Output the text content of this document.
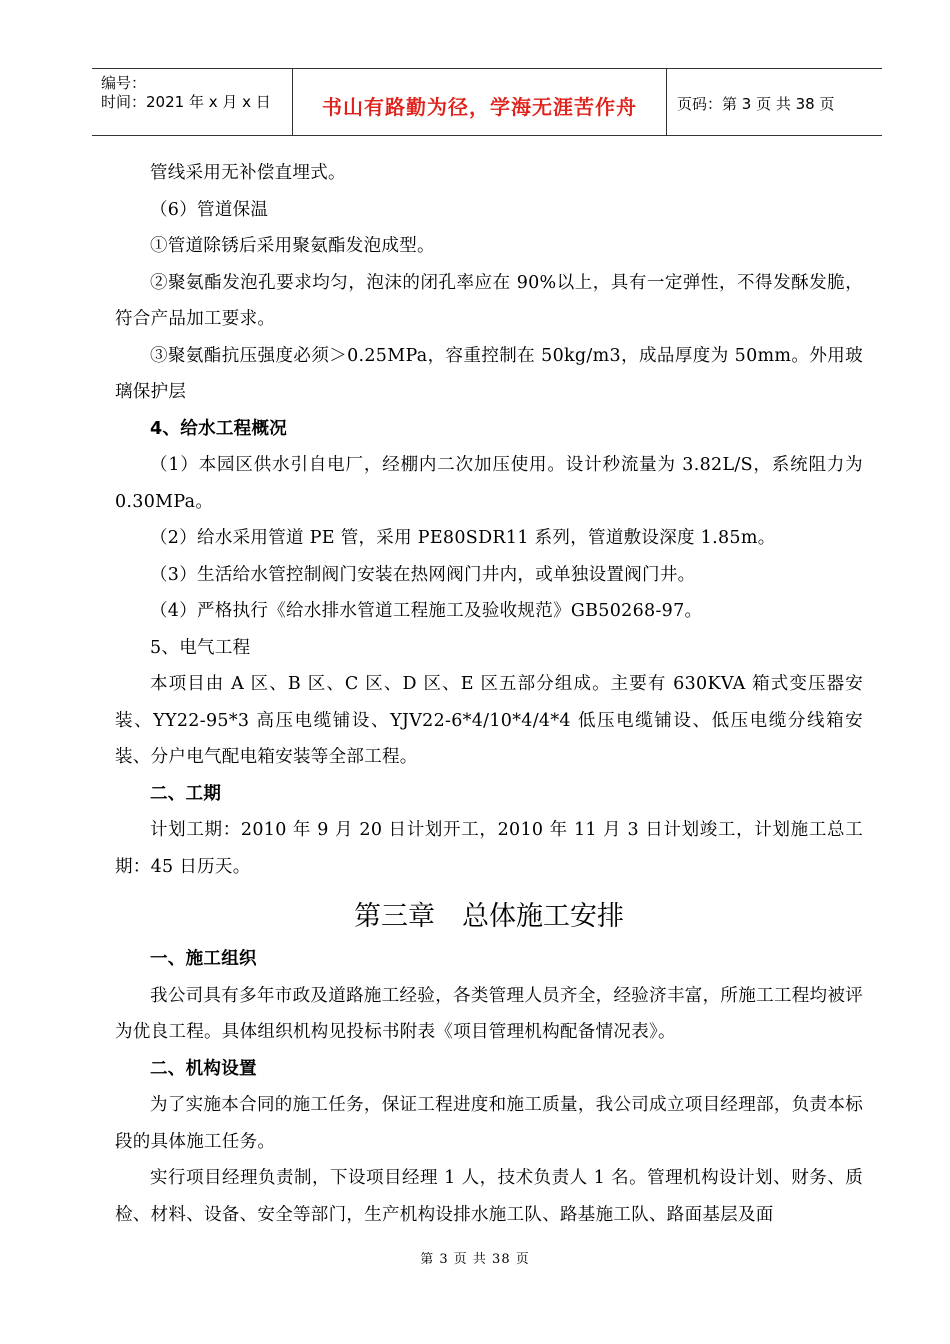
编号：
时间：2021 年 x 月 x 日	书山有路勤为径，学海无涯苦作舟	页码：第 3 页 共 38 页

管线采用无补偿直埋式。

（6）管道保温

①管道除锈后采用聚氨酯发泡成型。

②聚氨酯发泡孔要求均匀，泡沫的闭孔率应在 90%以上，具有一定弹性，不得发酥发脆，符合产品加工要求。

③聚氨酯抗压强度必须＞0.25MPa，容重控制在 50kg/m3，成品厚度为 50mm。外用玻璃保护层

4、给水工程概况

（1）本园区供水引自电厂，经棚内二次加压使用。设计秒流量为 3.82L/S，系统阻力为 0.30MPa。

（2）给水采用管道 PE 管，采用 PE80SDR11 系列，管道敷设深度 1.85m。

（3）生活给水管控制阀门安装在热网阀门井内，或单独设置阀门井。

（4）严格执行《给水排水管道工程施工及验收规范》GB50268-97。

5、电气工程

本项目由 A 区、B 区、C 区、D 区、E 区五部分组成。主要有 630KVA 箱式变压器安装、YY22-95*3 高压电缆铺设、YJV22-6*4/10*4/4*4 低压电缆铺设、低压电缆分线箱安装、分户电气配电箱安装等全部工程。

二、工期

计划工期：2010 年 9 月 20 日计划开工，2010 年 11 月 3 日计划竣工，计划施工总工期：45 日历天。

第三章　总体施工安排

一、施工组织

我公司具有多年市政及道路施工经验，各类管理人员齐全，经验济丰富，所施工工程均被评为优良工程。具体组织机构见投标书附表《项目管理机构配备情况表》。

二、机构设置

为了实施本合同的施工任务，保证工程进度和施工质量，我公司成立项目经理部，负责本标段的具体施工任务。

实行项目经理负责制，下设项目经理 1 人，技术负责人 1 名。管理机构设计划、财务、质检、材料、设备、安全等部门，生产机构设排水施工队、路基施工队、路面基层及面

第 3 页 共 38 页
